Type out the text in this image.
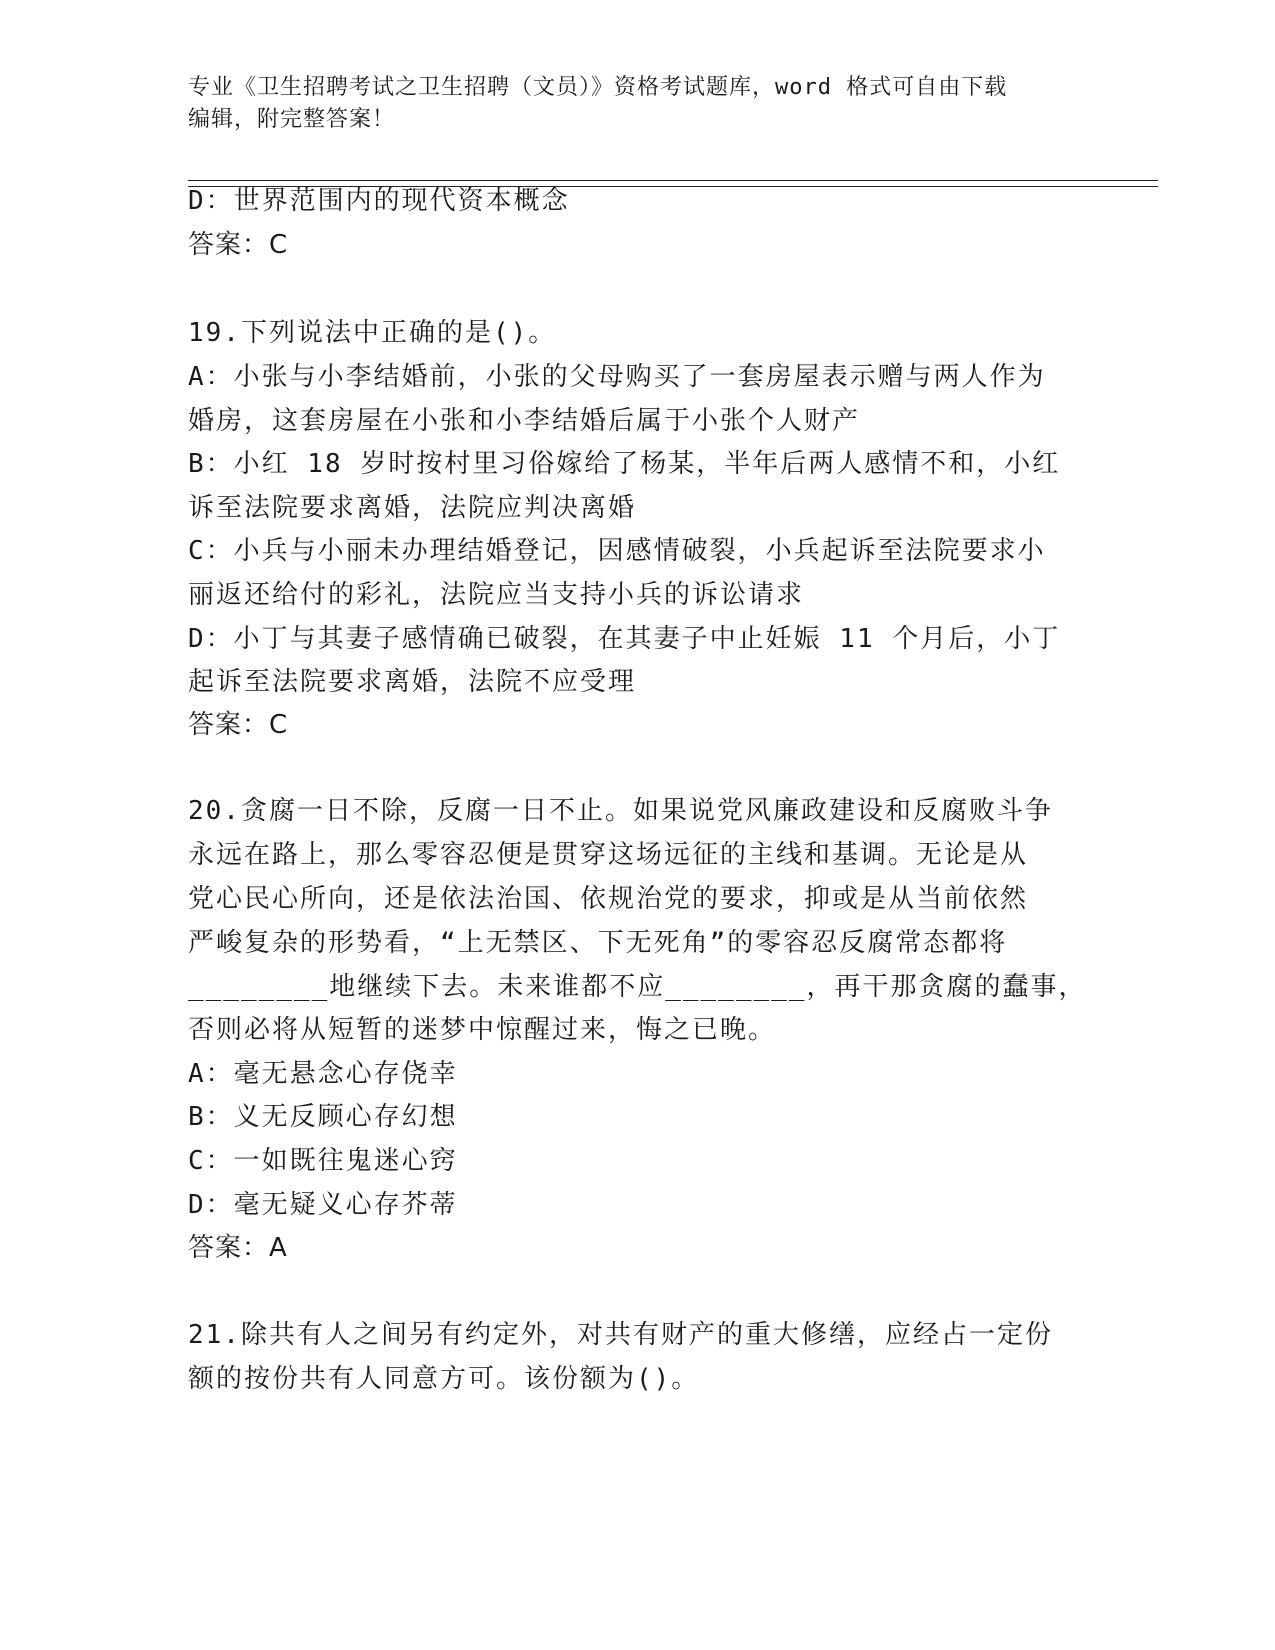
专业《卫生招聘考试之卫生招聘（文员）》资格考试题库，word 格式可自由下载
编辑，附完整答案！
D：世界范围内的现代资本概念
答案：C
19.下列说法中正确的是()。
A：小张与小李结婚前，小张的父母购买了一套房屋表示赠与两人作为
婚房，这套房屋在小张和小李结婚后属于小张个人财产
B：小红 18 岁时按村里习俗嫁给了杨某，半年后两人感情不和，小红
诉至法院要求离婚，法院应判决离婚
C：小兵与小丽未办理结婚登记，因感情破裂，小兵起诉至法院要求小
丽返还给付的彩礼，法院应当支持小兵的诉讼请求
D：小丁与其妻子感情确已破裂，在其妻子中止妊娠 11 个月后，小丁
起诉至法院要求离婚，法院不应受理
答案：C
20.贪腐一日不除，反腐一日不止。如果说党风廉政建设和反腐败斗争
永远在路上，那么零容忍便是贯穿这场远征的主线和基调。无论是从
党心民心所向，还是依法治国、依规治党的要求，抑或是从当前依然
严峻复杂的形势看，“上无禁区、下无死角”的零容忍反腐常态都将
________地继续下去。未来谁都不应________，再干那贪腐的蠢事，
否则必将从短暂的迷梦中惊醒过来，悔之已晚。
A：毫无悬念心存侥幸
B：义无反顾心存幻想
C：一如既往鬼迷心窍
D：毫无疑义心存芥蒂
答案：A
21.除共有人之间另有约定外，对共有财产的重大修缮，应经占一定份
额的按份共有人同意方可。该份额为()。
